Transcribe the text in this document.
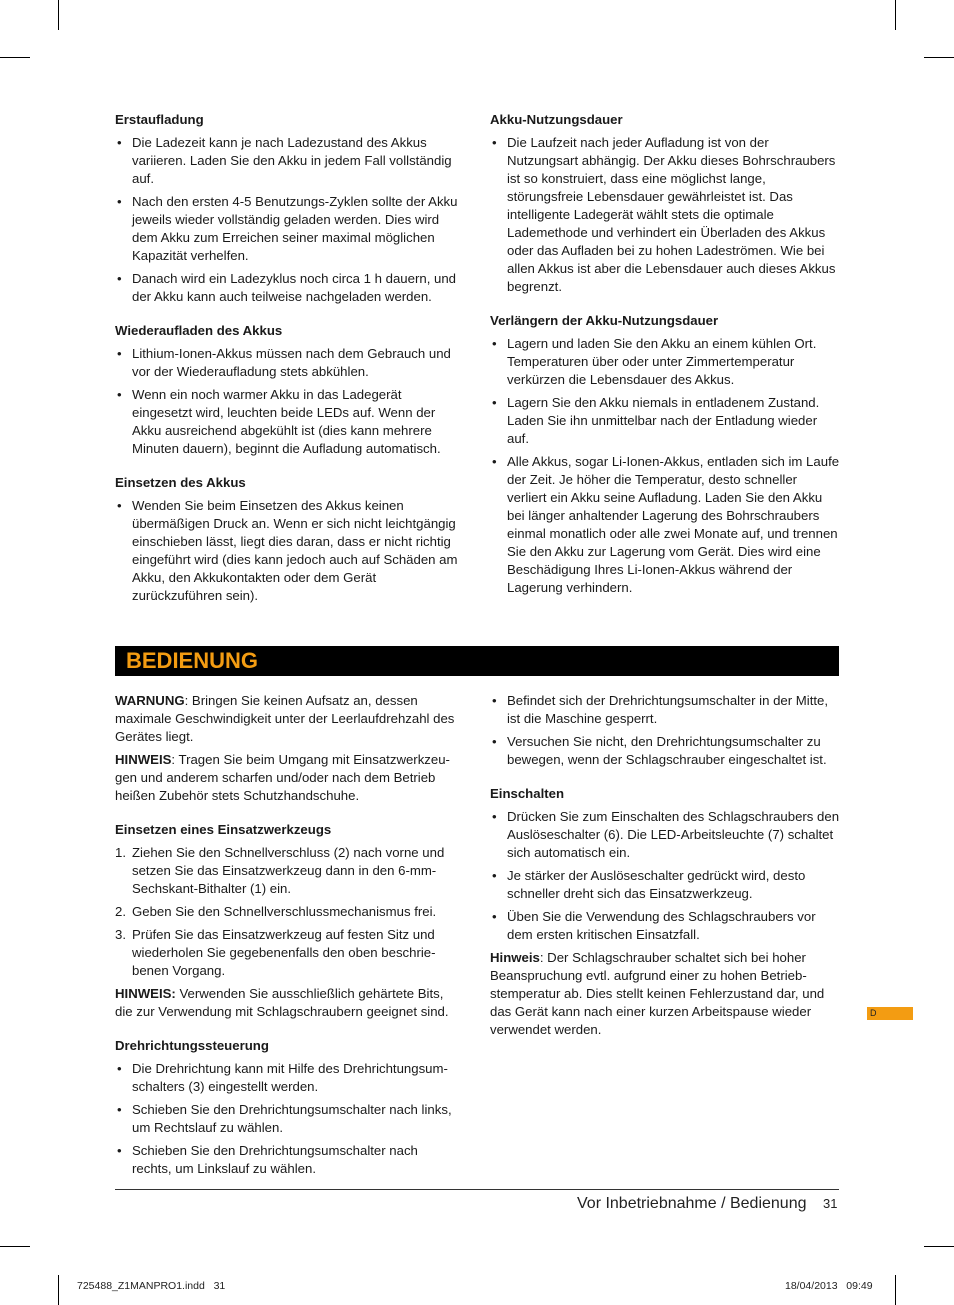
Erstaufladung
• Die Ladezeit kann je nach Ladezustand des Akkus variieren. Laden Sie den Akku in jedem Fall vollständig auf.
• Nach den ersten 4-5 Benutzungs-Zyklen sollte der Akku jeweils wieder vollständig geladen werden. Dies wird dem Akku zum Erreichen seiner maximal möglichen Kapazität verhelfen.
• Danach wird ein Ladezyklus noch circa 1 h dauern, und der Akku kann auch teilweise nachgeladen werden.
Wiederaufladen des Akkus
• Lithium-Ionen-Akkus müssen nach dem Gebrauch und vor der Wiederaufladung stets abkühlen.
• Wenn ein noch warmer Akku in das Ladegerät eingesetzt wird, leuchten beide LEDs auf. Wenn der Akku ausreichend abgekühlt ist (dies kann mehrere Minuten dauern), beginnt die Aufladung automatisch.
Einsetzen des Akkus
• Wenden Sie beim Einsetzen des Akkus keinen übermäßigen Druck an. Wenn er sich nicht leichtgängig einschieben lässt, liegt dies daran, dass er nicht richtig eingeführt wird (dies kann jedoch auch auf Schäden am Akku, den Akkukontakten oder dem Gerät zurückzuführen sein).
Akku-Nutzungsdauer
• Die Laufzeit nach jeder Aufladung ist von der Nutzungsart abhängig. Der Akku dieses Bohrschraubers ist so konstruiert, dass eine möglichst lange, störungsfreie Lebensdauer gewährleistet ist. Das intelligente Ladegerät wählt stets die optimale Lademethode und verhindert ein Überladen des Akkus oder das Aufladen bei zu hohen Ladeströmen. Wie bei allen Akkus ist aber die Lebensdauer auch dieses Akkus begrenzt.
Verlängern der Akku-Nutzungsdauer
• Lagern und laden Sie den Akku an einem kühlen Ort. Temperaturen über oder unter Zimmertemperatur verkürzen die Lebensdauer des Akkus.
• Lagern Sie den Akku niemals in entladenem Zustand. Laden Sie ihn unmittelbar nach der Entladung wieder auf.
• Alle Akkus, sogar Li-Ionen-Akkus, entladen sich im Laufe der Zeit. Je höher die Temperatur, desto schneller verliert ein Akku seine Aufladung. Laden Sie den Akku bei länger anhaltender Lagerung des Bohrschraubers einmal monatlich oder alle zwei Monate auf, und trennen Sie den Akku zur Lagerung vom Gerät. Dies wird eine Beschädigung Ihres Li-Ionen-Akkus während der Lagerung verhindern.
BEDIENUNG

WARNUNG: Bringen Sie keinen Aufsatz an, dessen maximale Geschwindigkeit unter der Leerlaufdrehzahl des Gerätes liegt.

HINWEIS: Tragen Sie beim Umgang mit Einsatzwerkzeu-gen und anderem scharfen und/oder nach dem Betrieb heißen Zubehör stets Schutzhandschuhe.

Einsetzen eines Einsatzwerkzeugs
1. Ziehen Sie den Schnellverschluss (2) nach vorne und setzen Sie das Einsatzwerkzeug dann in den 6-mm-Sechskant-Bithalter (1) ein.
2. Geben Sie den Schnellverschlussmechanismus frei.
3. Prüfen Sie das Einsatzwerkzeug auf festen Sitz und wiederholen Sie gegebenenfalls den oben beschrie-benen Vorgang.

HINWEIS: Verwenden Sie ausschließlich gehärtete Bits, die zur Verwendung mit Schlagschraubern geeignet sind.

Drehrichtungssteuerung
• Die Drehrichtung kann mit Hilfe des Drehrichtungsum-schalters (3) eingestellt werden.
• Schieben Sie den Drehrichtungsumschalter nach links, um Rechtslauf zu wählen.
• Schieben Sie den Drehrichtungsumschalter nach rechts, um Linkslauf zu wählen.
• Befindet sich der Drehrichtungsumschalter in der Mitte, ist die Maschine gesperrt.
• Versuchen Sie nicht, den Drehrichtungsumschalter zu bewegen, wenn der Schlagschrauber eingeschaltet ist.
Einschalten
• Drücken Sie zum Einschalten des Schlagschraubers den Auslöseschalter (6). Die LED-Arbeitsleuchte (7) schaltet sich automatisch ein.
• Je stärker der Auslöseschalter gedrückt wird, desto schneller dreht sich das Einsatzwerkzeug.
• Üben Sie die Verwendung des Schlagschraubers vor dem ersten kritischen Einsatzfall.

Hinweis: Der Schlagschrauber schaltet sich bei hoher Beanspruchung evtl. aufgrund einer zu hohen Betrieb-stemperatur ab. Dies stellt keinen Fehlerzustand dar, und das Gerät kann nach einer kurzen Arbeitspause wieder verwendet werden.

D
Vor Inbetriebnahme / Bedienung 31
725488_Z1MANPRO1.indd   31	18/04/2013   09:49
